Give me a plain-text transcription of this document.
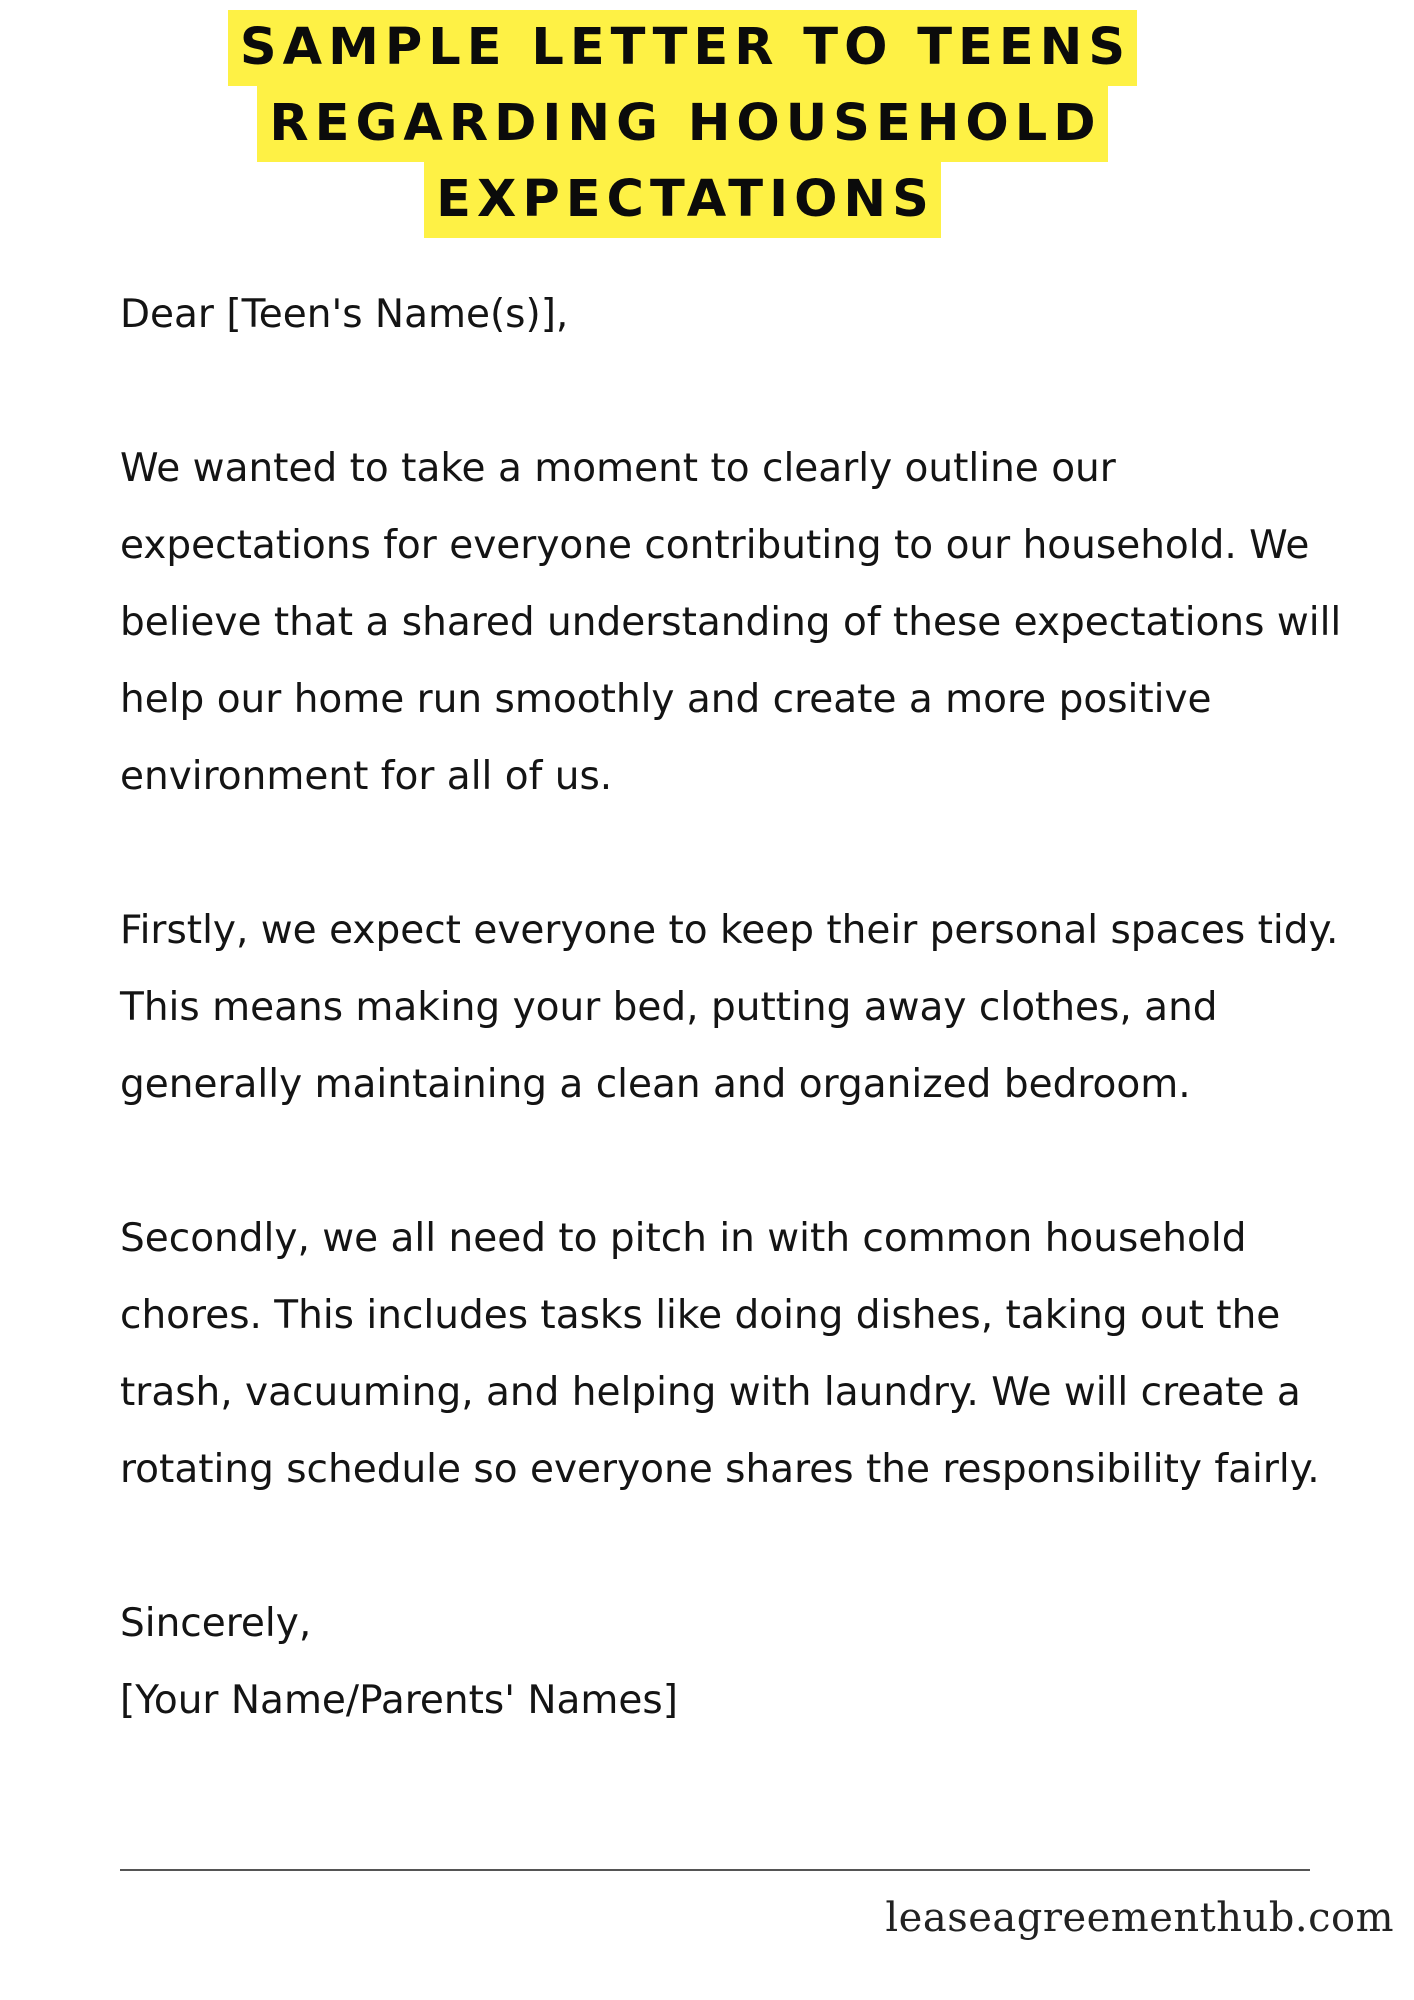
SAMPLE LETTER TO TEENS
REGARDING HOUSEHOLD
EXPECTATIONS

Dear [Teen's Name(s)],

We wanted to take a moment to clearly outline our expectations for everyone contributing to our household. We believe that a shared understanding of these expectations will help our home run smoothly and create a more positive environment for all of us.

Firstly, we expect everyone to keep their personal spaces tidy. This means making your bed, putting away clothes, and generally maintaining a clean and organized bedroom.

Secondly, we all need to pitch in with common household chores. This includes tasks like doing dishes, taking out the trash, vacuuming, and helping with laundry. We will create a rotating schedule so everyone shares the responsibility fairly.

Sincerely,
[Your Name/Parents' Names]
leaseagreementhub.com
